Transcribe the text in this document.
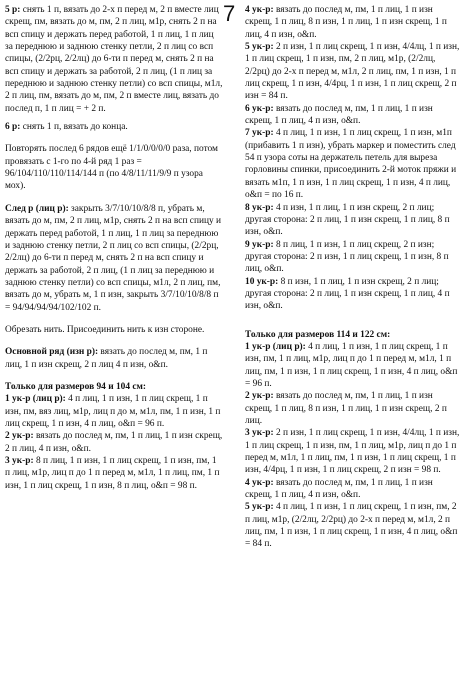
5 р: снять 1 п, вязать до 2-х п перед м, 2 п вместе лиц скрещ, пм, вязать до м, пм, 2 п лиц, м1р, снять 2 п на всп спицу и держать перед работой, 1 п лиц, 1 п лиц за переднюю и заднюю стенку петли, 2 п лиц со всп спицы, (2/2рц, 2/2лц) до 6-ти п перед м, снять 2 п на всп спицу и держать за работой, 2 п лиц, (1 п лиц за переднюю и заднюю стенку петли) со всп спицы, м1л, 2 п лиц, пм, вязать до м, пм, 2 п вместе лиц, вязать до послед п, 1 п лиц = + 2 п.

6 р: снять 1 п, вязать до конца.

Повторять послед 6 рядов ещё 1/1/0/0/0/0 раза, потом провязать с 1-го по 4-й ряд 1 раз = 96/104/110/110/114/144 п (по 4/8/11/11/9/9 п узора мох).

След р (лиц р): закрыть 3/7/10/10/8/8 п, убрать м, вязать до м, пм, 2 п лиц, м1р, снять 2 п на всп спицу и держать перед работой, 1 п лиц, 1 п лиц за переднюю и заднюю стенку петли, 2 п лиц со всп спицы, (2/2рц, 2/2лц) до 6-ти п перед м, снять 2 п на всп спицу и держать за работой, 2 п лиц, (1 п лиц за переднюю и заднюю стенку петли) со всп спицы, м1л, 2 п лиц, пм, вязать до м, убрать м, 1 п изн, закрыть 3/7/10/10/8/8 п = 94/94/94/94/102/102 п.

Обрезать нить. Присоединить нить к изн стороне.

Основной ряд (изн р): вязать до послед м, пм, 1 п лиц, 1 п изн скрещ, 2 п лиц 4 п изн, о&п.

Только для размеров 94 и 104 см:

1 ук-р (лиц р): 4 п лиц, 1 п изн, 1 п лиц скрещ, 1 п изн, пм, вяз лиц, м1р, лиц п до м, м1л, пм, 1 п изн, 1 п лиц скрещ, 1 п изн, 4 п лиц, о&п = 96 п.

2 ук-р: вязать до послед м, пм, 1 п лиц, 1 п изн скрещ, 2 п лиц, 4 п изн, о&п.

3 ук-р: 8 п лиц, 1 п изн, 1 п лиц скрещ, 1 п изн, пм, 1 п лиц, м1р, лиц п до 1 п перед м, м1л, 1 п лиц, пм, 1 п изн, 1 п лиц скрещ, 1 п изн, 8 п лиц, о&п = 98 п.

7 4 ук-р: вязать до послед м, пм, 1 п лиц, 1 п изн скрещ, 1 п лиц, 8 п изн, 1 п лиц, 1 п изн скрещ, 1 п лиц, 4 п изн, о&п.

5 ук-р: 2 п изн, 1 п лиц скрещ, 1 п изн, 4/4лц, 1 п изн, 1 п лиц скрещ, 1 п изн, пм, 2 п лиц, м1р, (2/2лц, 2/2рц) до 2-х п перед м, м1л, 2 п лиц, пм, 1 п изн, 1 п лиц скрещ, 1 п изн, 4/4рц, 1 п изн, 1 п лиц скрещ, 2 п изн = 84 п.

6 ук-р: вязать до послед м, пм, 1 п лиц, 1 п изн скрещ, 1 п лиц, 4 п изн, о&п.

7 ук-р: 4 п лиц, 1 п изн, 1 п лиц скрещ, 1 п изн, м1п (прибавить 1 п изн), убрать маркер и поместить след 54 п узора соты на держатель петель для выреза горловины спинки, присоединить 2-й моток пряжи и вязать м1п, 1 п изн, 1 п лиц скрещ, 1 п изн, 4 п лиц, о&п = по 16 п.

8 ук-р: 4 п изн, 1 п лиц, 1 п изн скрещ, 2 п лиц; другая сторона: 2 п лиц, 1 п изн скрещ, 1 п лиц, 8 п изн, о&п.

9 ук-р: 8 п лиц, 1 п изн, 1 п лиц скрещ, 2 п изн; другая сторона: 2 п изн, 1 п лиц скрещ, 1 п изн, 8 п лиц, о&п.

10 ук-р: 8 п изн, 1 п лиц, 1 п изн скрещ, 2 п лиц; другая сторона: 2 п лиц, 1 п изн скрещ, 1 п лиц, 4 п изн, о&п.

Только для размеров 114 и 122 см:

1 ук-р (лиц р): 4 п лиц, 1 п изн, 1 п лиц скрещ, 1 п изн, пм, 1 п лиц, м1р, лиц п до 1 п перед м, м1л, 1 п лиц, пм, 1 п изн, 1 п лиц скрещ, 1 п изн, 4 п лиц, о&п = 96 п.

2 ук-р: вязать до послед м, пм, 1 п лиц, 1 п изн скрещ, 1 п лиц, 8 п изн, 1 п лиц, 1 п изн скрещ, 2 п лиц.

3 ук-р: 2 п изн, 1 п лиц скрещ, 1 п изн, 4/4лц, 1 п изн, 1 п лиц скрещ, 1 п изн, пм, 1 п лиц, м1р, лиц п до 1 п перед м, м1л, 1 п лиц, пм, 1 п изн, 1 п лиц скрещ, 1 п изн, 4/4рц, 1 п изн, 1 п лиц скрещ, 2 п изн = 98 п.

4 ук-р: вязать до послед м, пм, 1 п лиц, 1 п изн скрещ, 1 п лиц, 4 п изн, о&п.

5 ук-р: 4 п лиц, 1 п изн, 1 п лиц скрещ, 1 п изн, пм, 2 п лиц, м1р, (2/2лц, 2/2рц) до 2-х п перед м, м1л, 2 п лиц, пм, 1 п изн, 1 п лиц скрещ, 1 п изн, 4 п лиц, о&п = 84 п.
